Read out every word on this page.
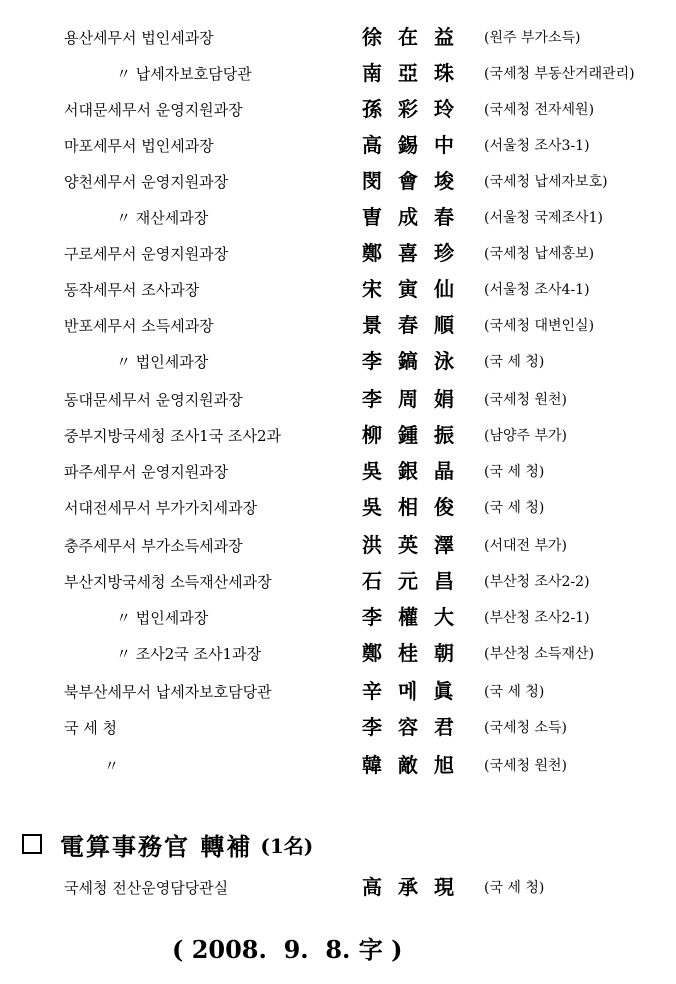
용산세무서 법인세과장	徐在益 (원주 부가소득)
〃 납세자보호담당관	南亞珠 (국세청 부동산거래관리)
서대문세무서 운영지원과장	孫彩玲 (국세청 전자세원)
마포세무서 법인세과장	高錫中 (서울청 조사3-1)
양천세무서 운영지원과장	閔會埈 (국세청 납세자보호)
〃 재산세과장	曺成春 (서울청 국제조사1)
구로세무서 운영지원과장	鄭喜珍 (국세청 납세홍보)
동작세무서 조사과장	宋寅仙 (서울청 조사4-1)
반포세무서 소득세과장	景春順 (국세청 대변인실)
〃 법인세과장	李鎬泳 (국 세 청)
동대문세무서 운영지원과장	李周娟 (국세청 원천)
중부지방국세청 조사1국 조사2과	柳鍾振 (남양주 부가)
파주세무서 운영지원과장	吳銀晶 (국 세 청)
서대전세무서 부가가치세과장	吳相俊 (국 세 청)
충주세무서 부가소득세과장	洪英澤 (서대전 부가)
부산지방국세청 소득재산세과장	石元昌 (부산청 조사2-2)
〃 법인세과장	李權大 (부산청 조사2-1)
〃 조사2국 조사1과장	鄭桂朝 (부산청 소득재산)
북부산세무서 납세자보호담당관	辛메眞	(국 세 청)
국 세 청	李容君 (국세청 소득)
〃	韓敵旭 (국세청 원천)
電算事務官 轉補 (1名)
국세청 전산운영담당관실	高承現 (국 세 청)
( 2008.  9.  8. 字 )
